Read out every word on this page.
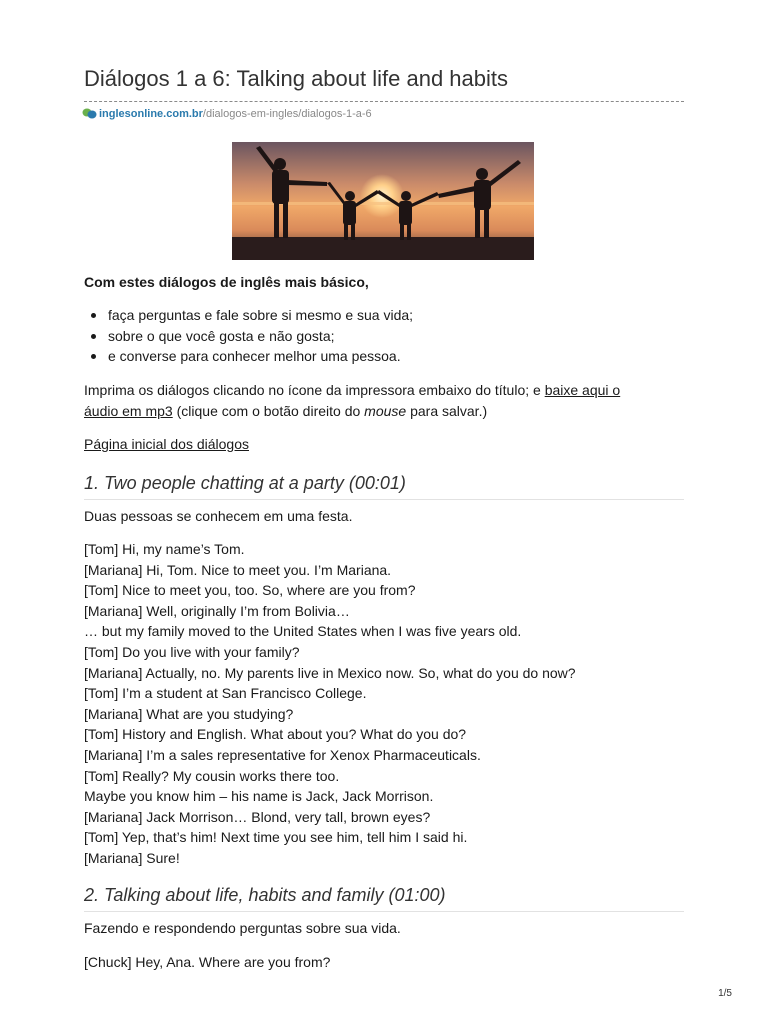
Diálogos 1 a 6: Talking about life and habits
inglesonline.com.br /dialogos-em-ingles/dialogos-1-a-6
Com estes diálogos de inglês mais básico,
faça perguntas e fale sobre si mesmo e sua vida;
sobre o que você gosta e não gosta;
e converse para conhecer melhor uma pessoa.
Imprima os diálogos clicando no ícone da impressora embaixo do título; e baixe aqui o
áudio em mp3 (clique com o botão direito do mouse para salvar.)
Página inicial dos diálogos
1. Two people chatting at a party (00:01)
Duas pessoas se conhecem em uma festa.
[Tom] Hi, my name’s Tom.
[Mariana] Hi, Tom. Nice to meet you. I’m Mariana.
[Tom] Nice to meet you, too. So, where are you from?
[Mariana] Well, originally I’m from Bolivia…
… but my family moved to the United States when I was five years old.
[Tom] Do you live with your family?
[Mariana] Actually, no. My parents live in Mexico now. So, what do you do now?
[Tom] I’m a student at San Francisco College.
[Mariana] What are you studying?
[Tom] History and English. What about you? What do you do?
[Mariana] I’m a sales representative for Xenox Pharmaceuticals.
[Tom] Really? My cousin works there too.
Maybe you know him – his name is Jack, Jack Morrison.
[Mariana] Jack Morrison… Blond, very tall, brown eyes?
[Tom] Yep, that’s him! Next time you see him, tell him I said hi.
[Mariana] Sure!
2. Talking about life, habits and family (01:00)
Fazendo e respondendo perguntas sobre sua vida.
[Chuck] Hey, Ana. Where are you from?
1/5
